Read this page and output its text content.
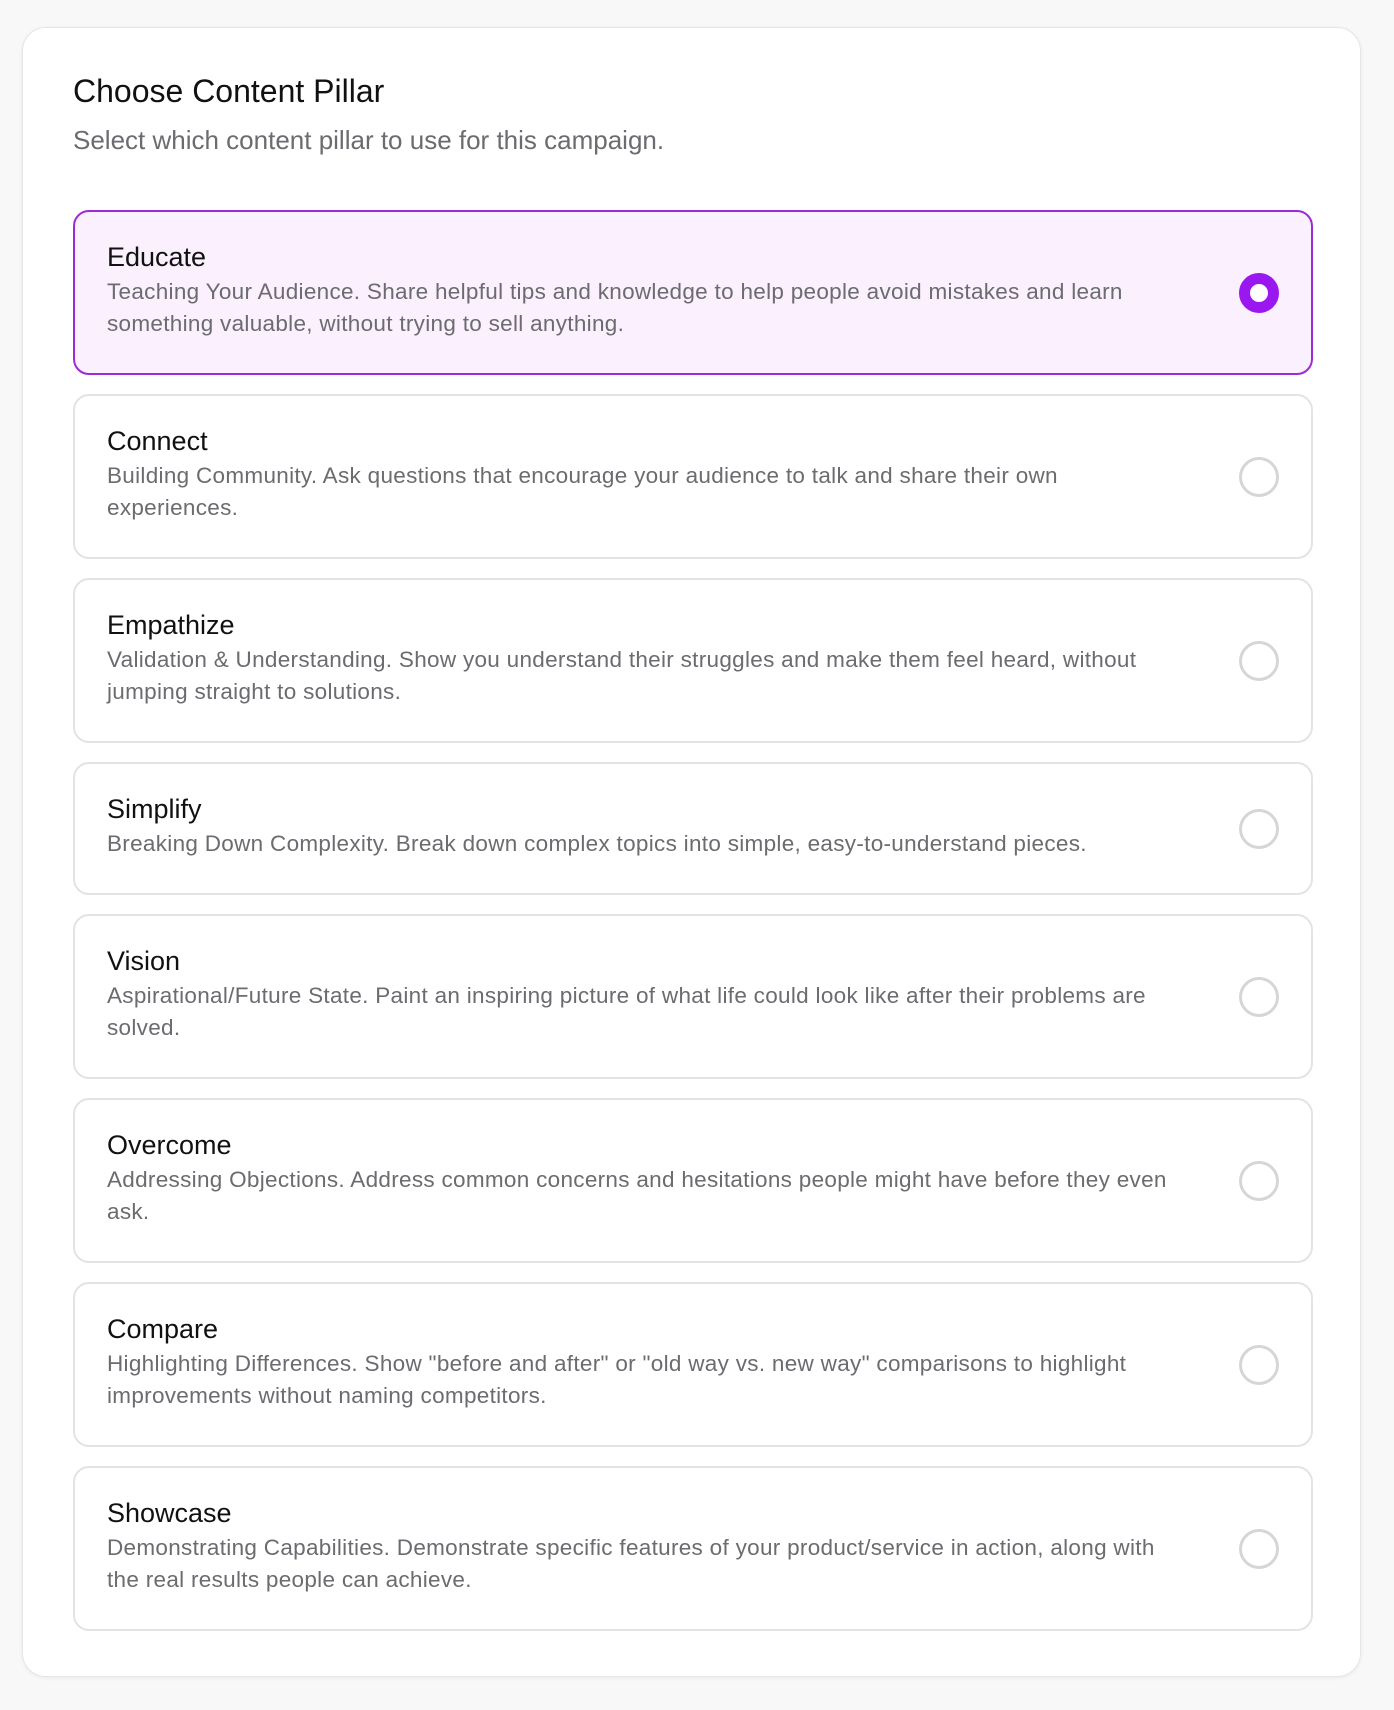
Choose Content Pillar

Select which content pillar to use for this campaign.

Educate
Teaching Your Audience. Share helpful tips and knowledge to help people avoid mistakes and learn something valuable, without trying to sell anything.
Connect
Building Community. Ask questions that encourage your audience to talk and share their own experiences.
Empathize
Validation & Understanding. Show you understand their struggles and make them feel heard, without jumping straight to solutions.
Simplify
Breaking Down Complexity. Break down complex topics into simple, easy-to-understand pieces.
Vision
Aspirational/Future State. Paint an inspiring picture of what life could look like after their problems are solved.
Overcome
Addressing Objections. Address common concerns and hesitations people might have before they even ask.
Compare
Highlighting Differences. Show "before and after" or "old way vs. new way" comparisons to highlight improvements without naming competitors.
Showcase
Demonstrating Capabilities. Demonstrate specific features of your product/service in action, along with the real results people can achieve.
